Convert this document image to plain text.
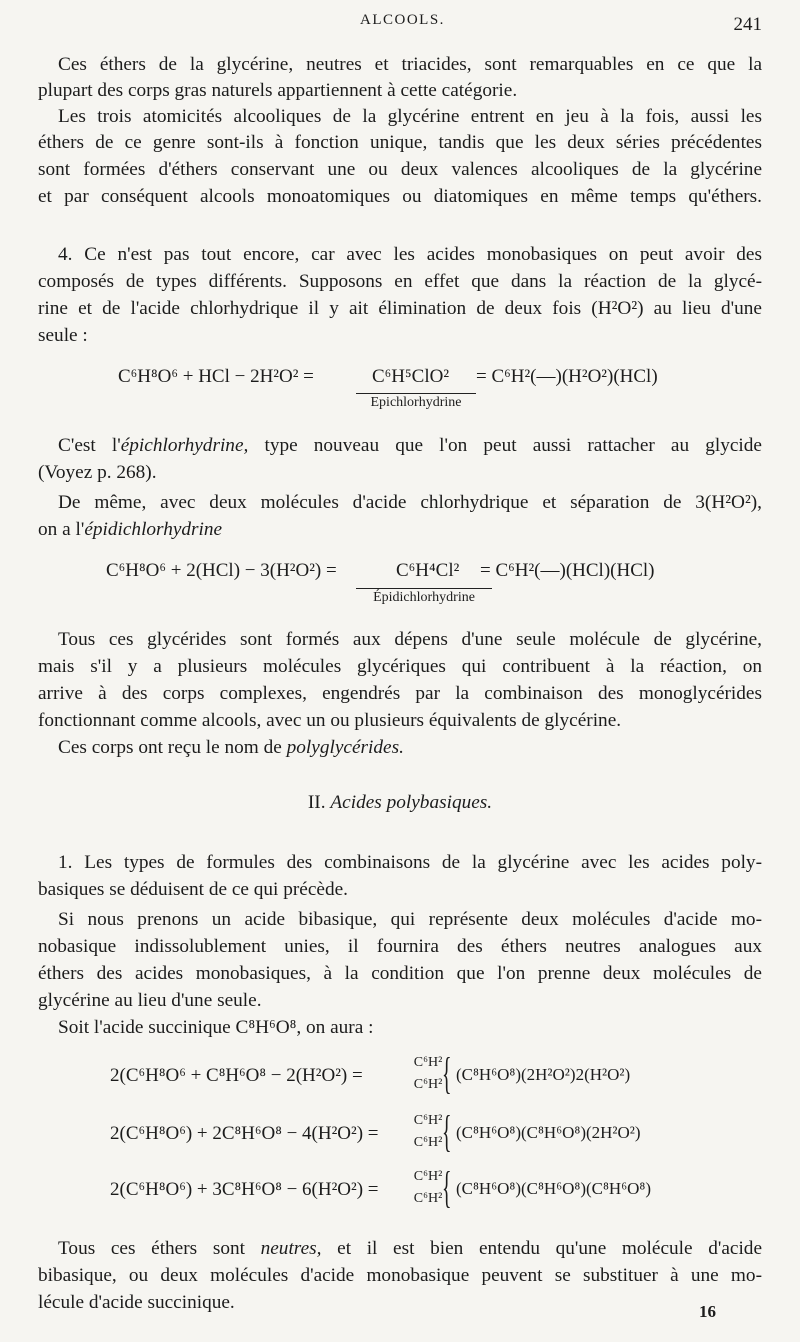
ALCOOLS.	241
Ces éthers de la glycérine, neutres et triacides, sont remarquables en ce que la
plupart des corps gras naturels appartiennent à cette catégorie.
Les trois atomicités alcooliques de la glycérine entrent en jeu à la fois, aussi les
éthers de ce genre sont-ils à fonction unique, tandis que les deux séries précédentes
sont formées d'éthers conservant une ou deux valences alcooliques de la glycérine
et par conséquent alcools monoatomiques ou diatomiques en même temps qu'éthers.
4. Ce n'est pas tout encore, car avec les acides monobasiques on peut avoir des
composés de types différents. Supposons en effet que dans la réaction de la glycé-
rine et de l'acide chlorhydrique il y ait élimination de deux fois (H²O²) au lieu d'une
seule :
C⁶H⁸O⁶ + HCl − 2H²O² =	C⁶H⁵ClO² = C⁶H²(—)(H²O²)(HCl)
Epichlorhydrine
C'est l'épichlorhydrine, type nouveau que l'on peut aussi rattacher au glycide
(Voyez p. 268).
De même, avec deux molécules d'acide chlorhydrique et séparation de 3(H²O²),
on a l'épidichlorhydrine
C⁶H⁸O⁶ + 2(HCl) − 3(H²O²) =	C⁶H⁴Cl² = C⁶H²(—)(HCl)(HCl)
Épidichlorhydrine
Tous ces glycérides sont formés aux dépens d'une seule molécule de glycérine,
mais s'il y a plusieurs molécules glycériques qui contribuent à la réaction, on
arrive à des corps complexes, engendrés par la combinaison des monoglycérides
fonctionnant comme alcools, avec un ou plusieurs équivalents de glycérine.
Ces corps ont reçu le nom de polyglycérides.
II. Acides polybasiques.
1. Les types de formules des combinaisons de la glycérine avec les acides poly-
basiques se déduisent de ce qui précède.
Si nous prenons un acide bibasique, qui représente deux molécules d'acide mo-
nobasique indissolublement unies, il fournira des éthers neutres analogues aux
éthers des acides monobasiques, à la condition que l'on prenne deux molécules de
glycérine au lieu d'une seule.
Soit l'acide succinique C⁸H⁶O⁸, on aura :
2(C⁶H⁸O⁶ + C⁸H⁶O⁸ − 2(H²O²) =
C⁶H²
C⁶H² { (C⁸H⁶O⁸)(2H²O²)2(H²O²)
2(C⁶H⁸O⁶) + 2C⁸H⁶O⁸ − 4(H²O²) =
C⁶H²
C⁶H² { (C⁸H⁶O⁸)(C⁸H⁶O⁸)(2H²O²)
2(C⁶H⁸O⁶) + 3C⁸H⁶O⁸ − 6(H²O²) =
C⁶H²
C⁶H² { (C⁸H⁶O⁸)(C⁸H⁶O⁸)(C⁸H⁶O⁸)
Tous ces éthers sont neutres, et il est bien entendu qu'une molécule d'acide
bibasique, ou deux molécules d'acide monobasique peuvent se substituer à une mo-
lécule d'acide succinique.	16
